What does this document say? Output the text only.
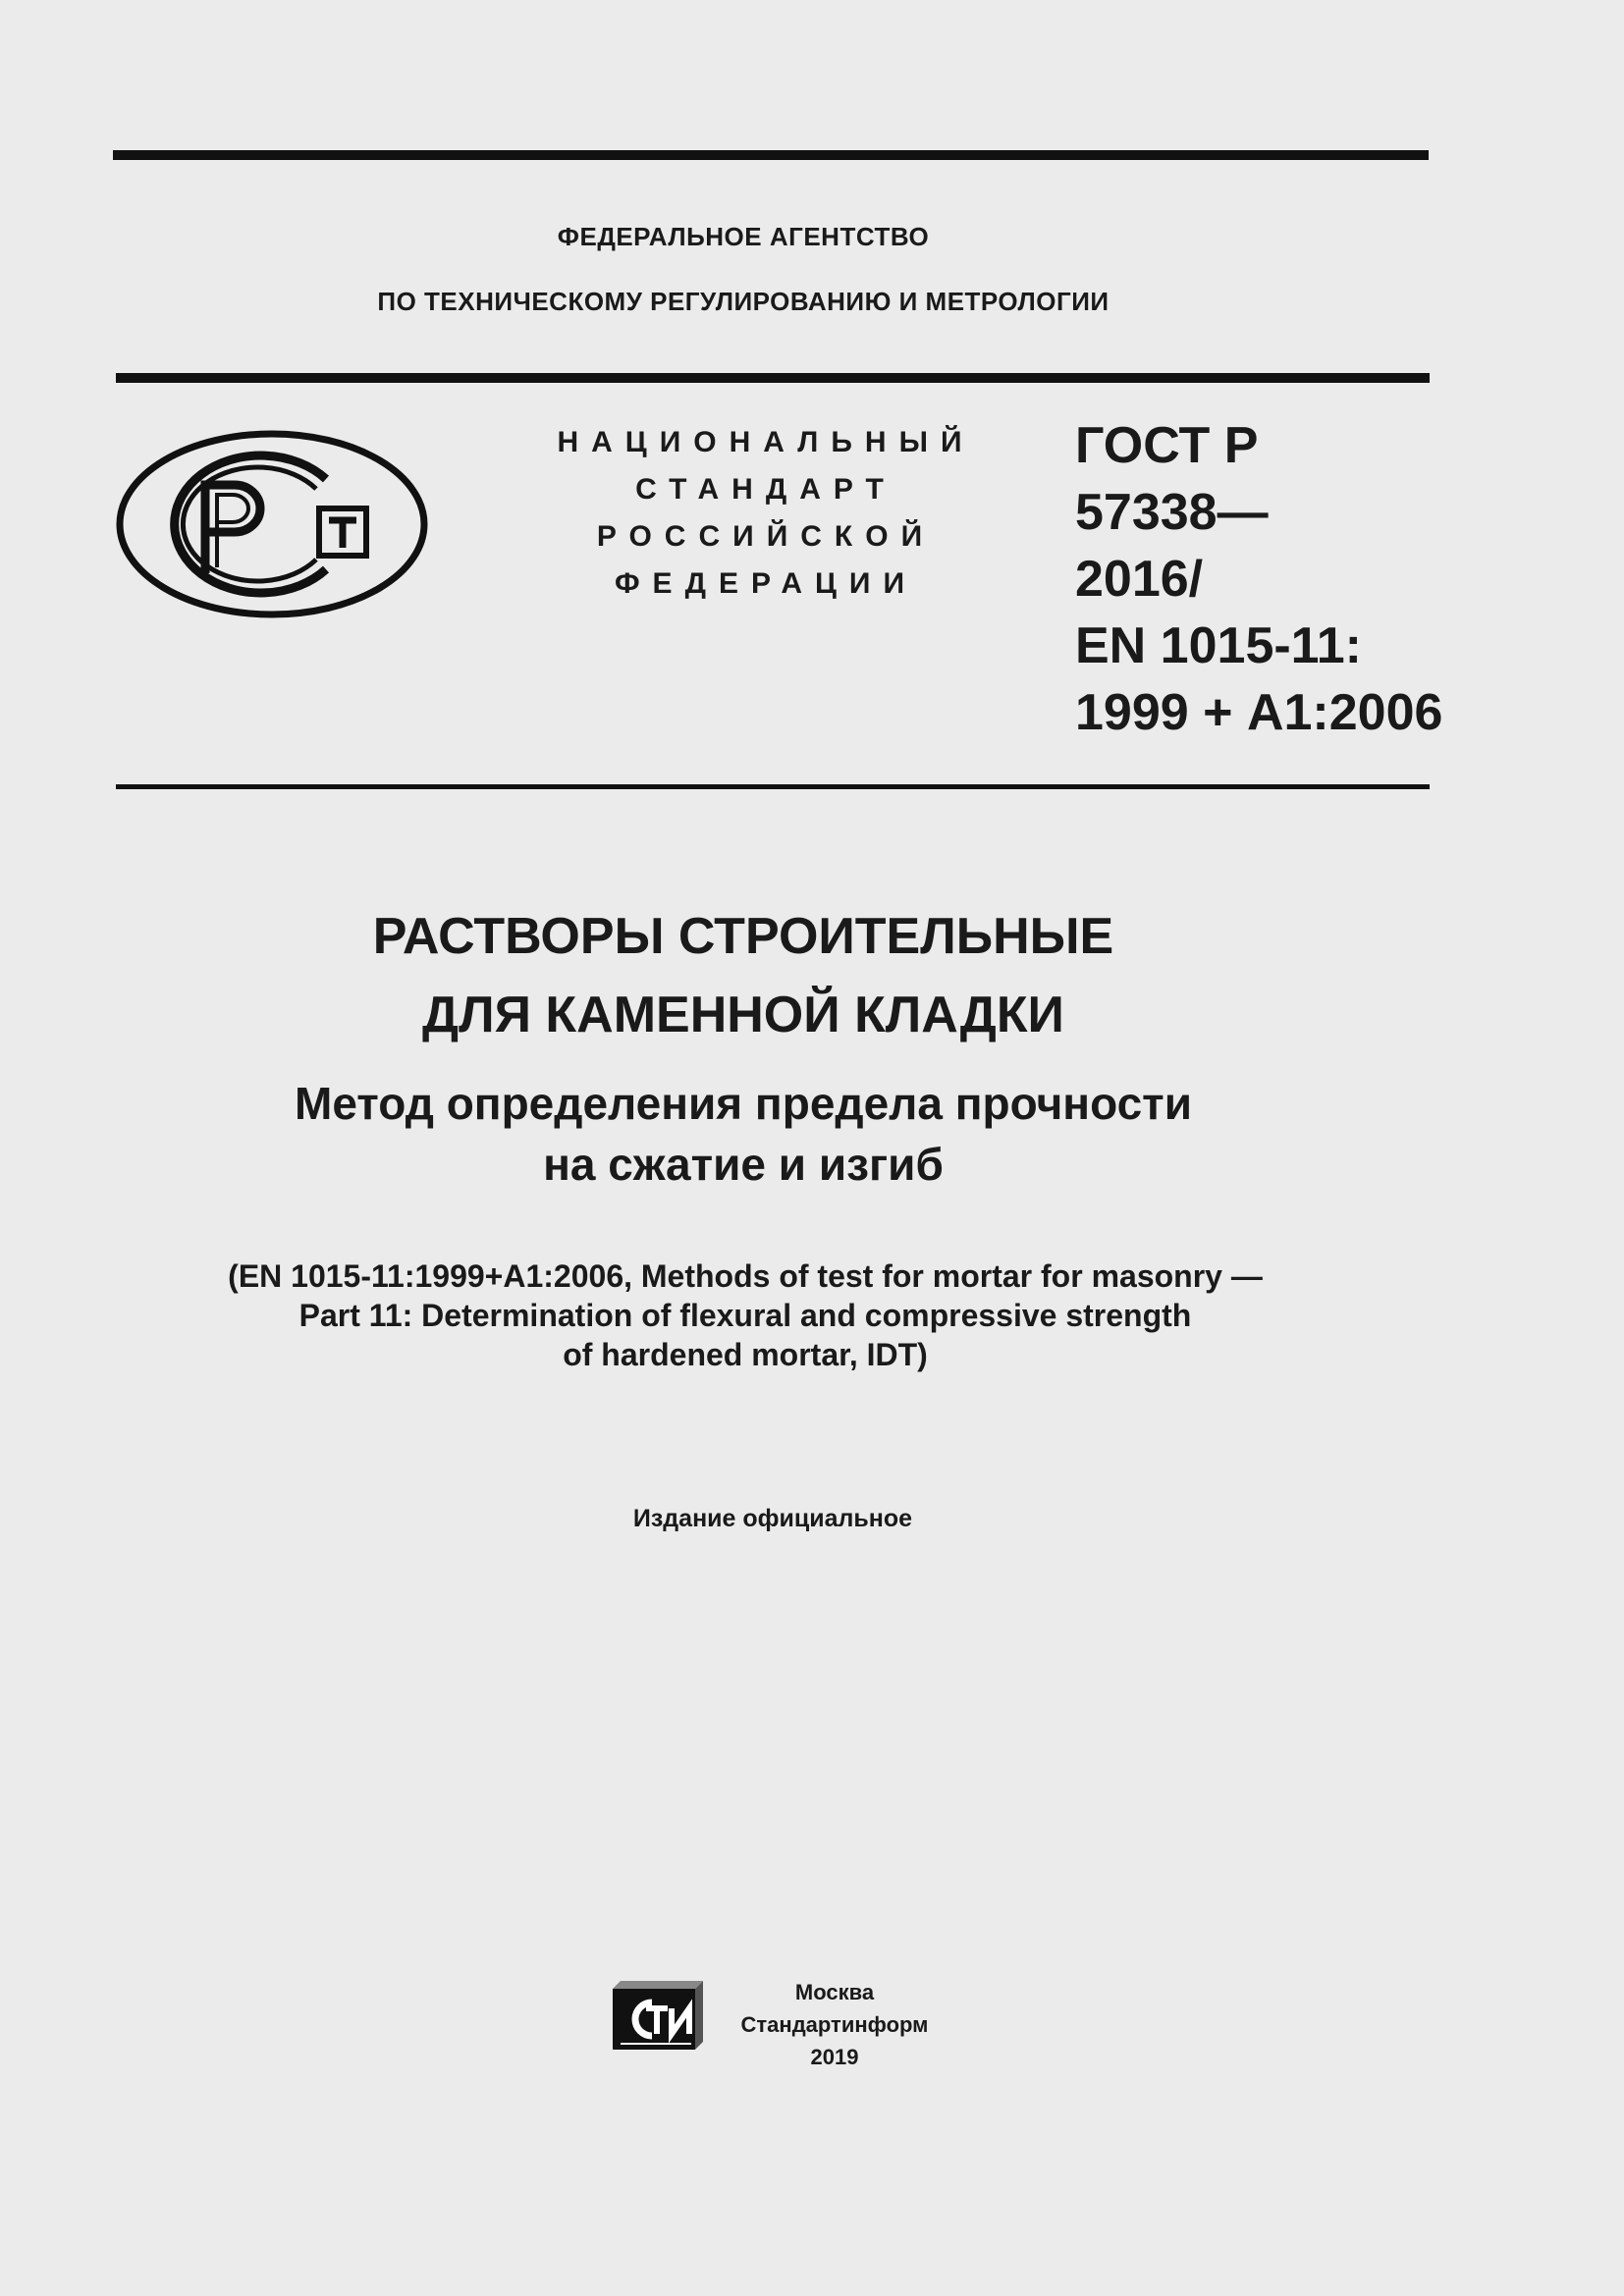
ФЕДЕРАЛЬНОЕ АГЕНТСТВО
ПО ТЕХНИЧЕСКОМУ РЕГУЛИРОВАНИЮ И МЕТРОЛОГИИ
НАЦИОНАЛЬНЫЙ
СТАНДАРТ
РОССИЙСКОЙ
ФЕДЕРАЦИИ
ГОСТ Р
57338—
2016/
EN 1015-11:
1999 + А1:2006
РАСТВОРЫ СТРОИТЕЛЬНЫЕ
ДЛЯ КАМЕННОЙ КЛАДКИ
Метод определения предела прочности
на сжатие и изгиб
(EN 1015-11:1999+A1:2006, Methods of test for mortar for masonry —
Part 11: Determination of flexural and compressive strength
of hardened mortar, IDT)
Издание официальное
Москва
Стандартинформ
2019
